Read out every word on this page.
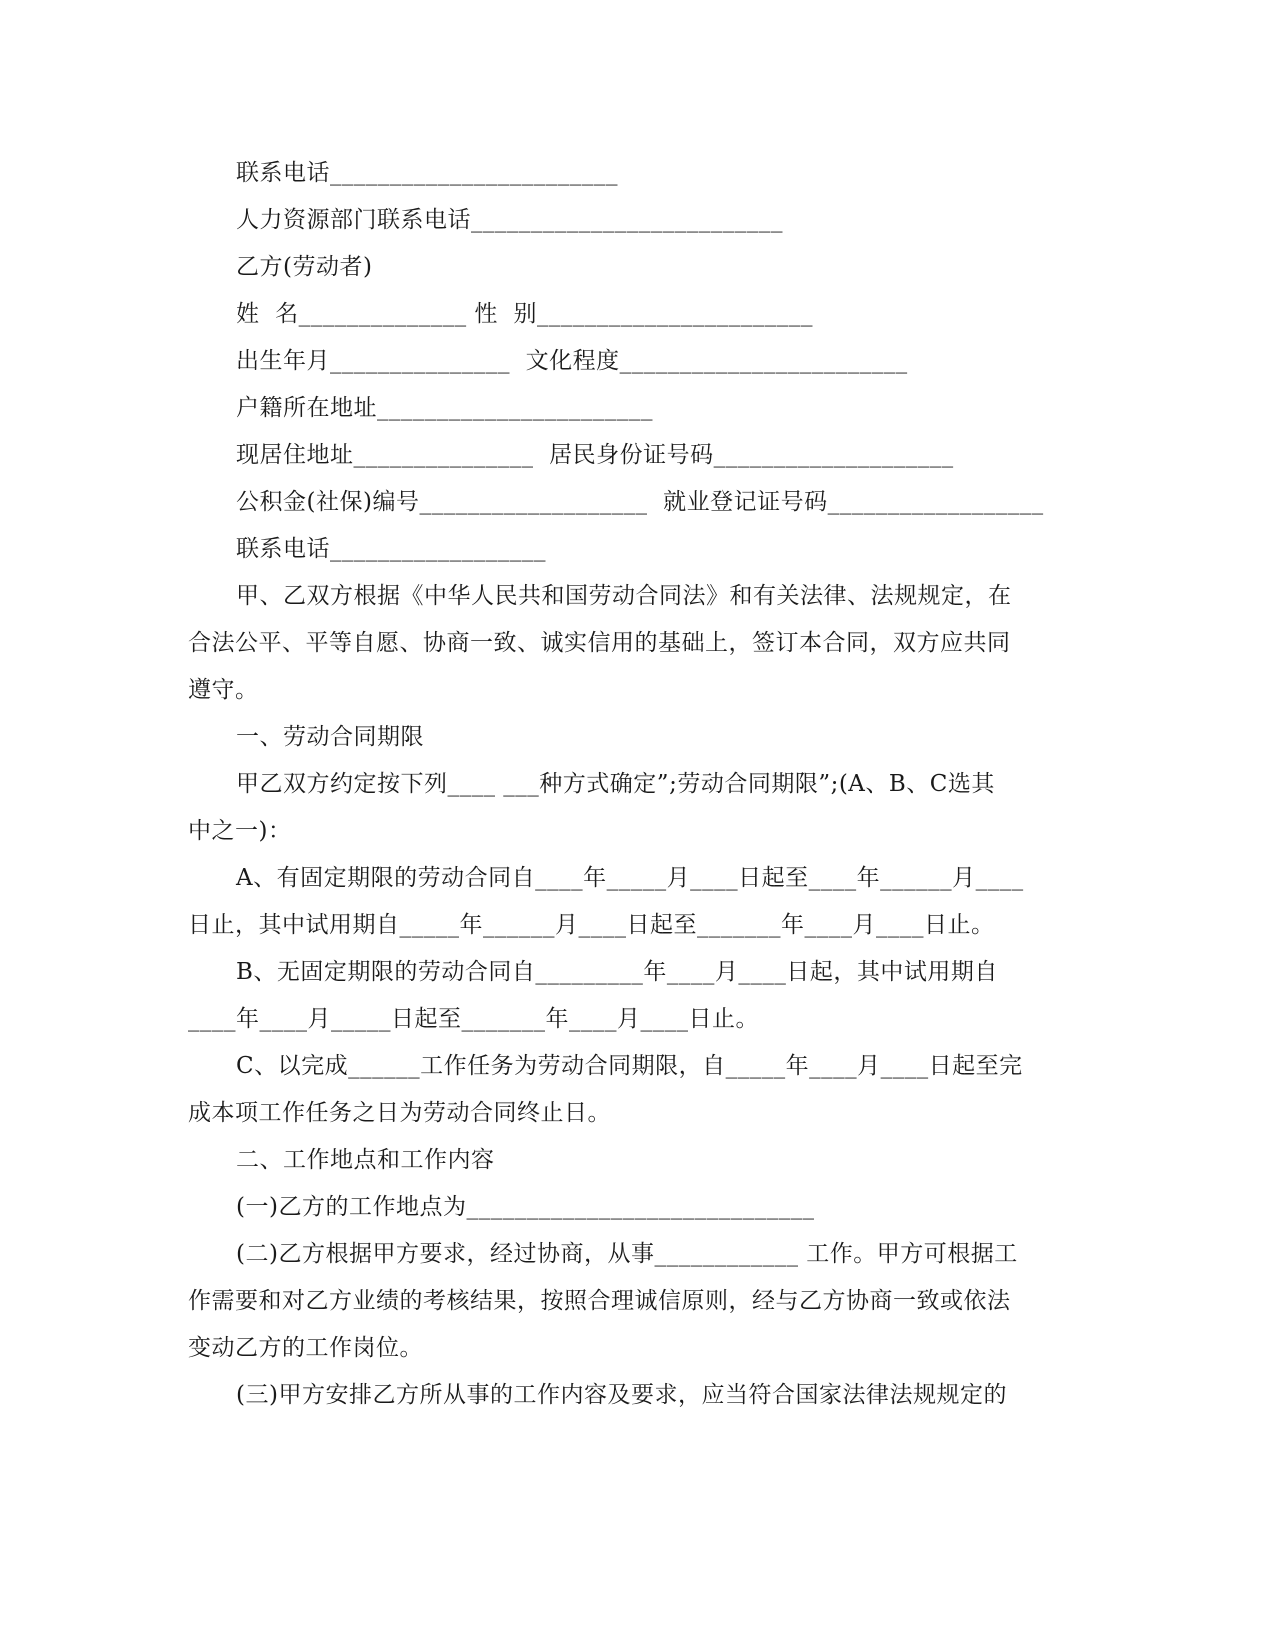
联系电话________________________
人力资源部门联系电话__________________________
乙方(劳动者)
姓  名______________ 性  别_______________________
出生年月_______________  文化程度________________________
户籍所在地址_______________________
现居住地址_______________  居民身份证号码____________________
公积金(社保)编号___________________  就业登记证号码__________________
联系电话__________________
甲、乙双方根据《中华人民共和国劳动合同法》和有关法律、法规规定，在
合法公平、平等自愿、协商一致、诚实信用的基础上，签订本合同，双方应共同
遵守。
一、劳动合同期限
甲乙双方约定按下列____ ___种方式确定”;劳动合同期限”;(A、B、C选其
中之一)：
A、有固定期限的劳动合同自____年_____月____日起至____年______月____
日止，其中试用期自_____年______月____日起至_______年____月____日止。
B、无固定期限的劳动合同自_________年____月____日起，其中试用期自
____年____月_____日起至_______年____月____日止。
C、以完成______工作任务为劳动合同期限，自_____年____月____日起至完
成本项工作任务之日为劳动合同终止日。
二、工作地点和工作内容
(一)乙方的工作地点为_____________________________
(二)乙方根据甲方要求，经过协商，从事____________ 工作。甲方可根据工
作需要和对乙方业绩的考核结果，按照合理诚信原则，经与乙方协商一致或依法
变动乙方的工作岗位。
(三)甲方安排乙方所从事的工作内容及要求，应当符合国家法律法规规定的
